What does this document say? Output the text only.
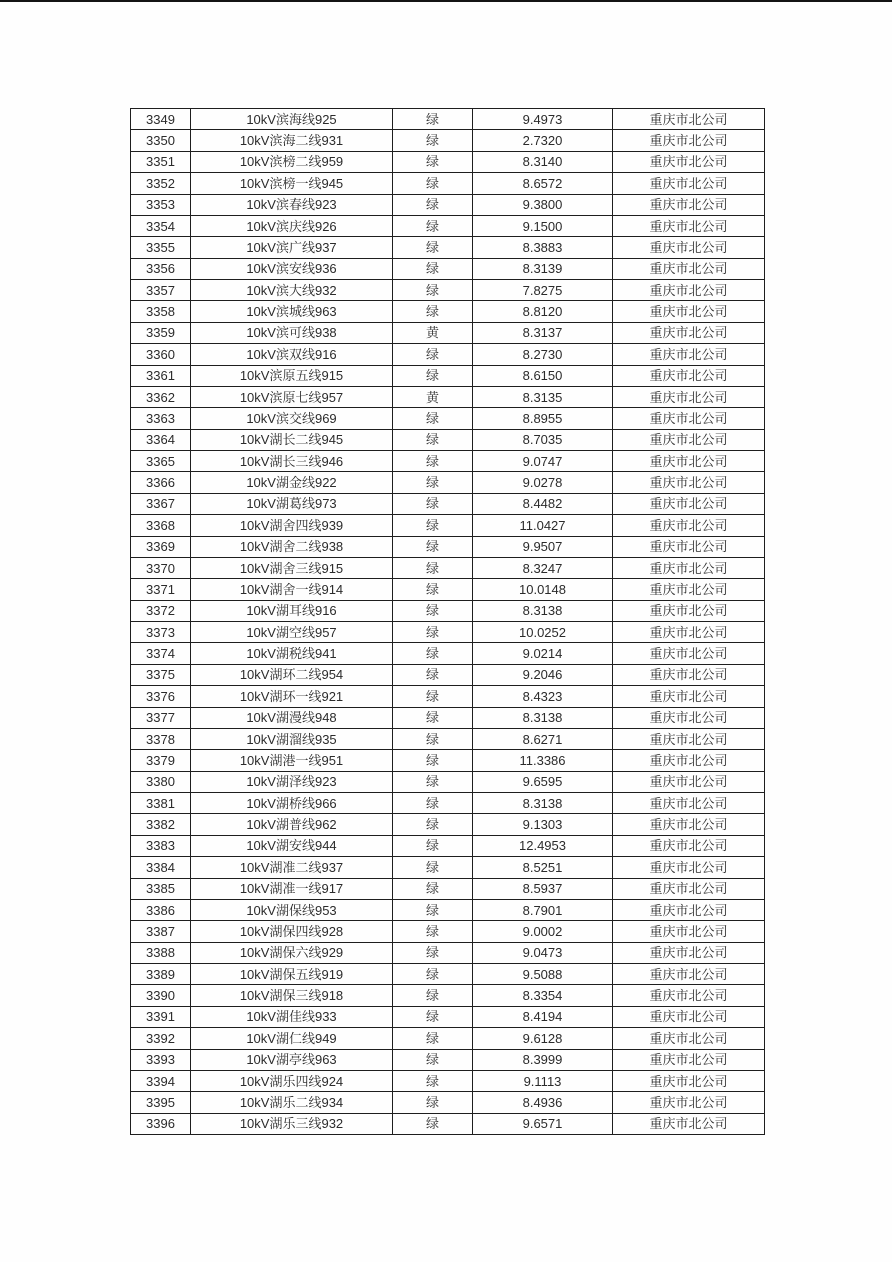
3349	10kV滨海线925	绿	9.4973	重庆市北公司
3350	10kV滨海二线931	绿	2.7320	重庆市北公司
3351	10kV滨榜二线959	绿	8.3140	重庆市北公司
3352	10kV滨榜一线945	绿	8.6572	重庆市北公司
3353	10kV滨春线923	绿	9.3800	重庆市北公司
3354	10kV滨庆线926	绿	9.1500	重庆市北公司
3355	10kV滨广线937	绿	8.3883	重庆市北公司
3356	10kV滨安线936	绿	8.3139	重庆市北公司
3357	10kV滨大线932	绿	7.8275	重庆市北公司
3358	10kV滨城线963	绿	8.8120	重庆市北公司
3359	10kV滨可线938	黄	8.3137	重庆市北公司
3360	10kV滨双线916	绿	8.2730	重庆市北公司
3361	10kV滨原五线915	绿	8.6150	重庆市北公司
3362	10kV滨原七线957	黄	8.3135	重庆市北公司
3363	10kV滨交线969	绿	8.8955	重庆市北公司
3364	10kV湖长二线945	绿	8.7035	重庆市北公司
3365	10kV湖长三线946	绿	9.0747	重庆市北公司
3366	10kV湖金线922	绿	9.0278	重庆市北公司
3367	10kV湖葛线973	绿	8.4482	重庆市北公司
3368	10kV湖舍四线939	绿	11.0427	重庆市北公司
3369	10kV湖舍二线938	绿	9.9507	重庆市北公司
3370	10kV湖舍三线915	绿	8.3247	重庆市北公司
3371	10kV湖舍一线914	绿	10.0148	重庆市北公司
3372	10kV湖耳线916	绿	8.3138	重庆市北公司
3373	10kV湖空线957	绿	10.0252	重庆市北公司
3374	10kV湖税线941	绿	9.0214	重庆市北公司
3375	10kV湖环二线954	绿	9.2046	重庆市北公司
3376	10kV湖环一线921	绿	8.4323	重庆市北公司
3377	10kV湖漫线948	绿	8.3138	重庆市北公司
3378	10kV湖溜线935	绿	8.6271	重庆市北公司
3379	10kV湖港一线951	绿	11.3386	重庆市北公司
3380	10kV湖泽线923	绿	9.6595	重庆市北公司
3381	10kV湖桥线966	绿	8.3138	重庆市北公司
3382	10kV湖普线962	绿	9.1303	重庆市北公司
3383	10kV湖安线944	绿	12.4953	重庆市北公司
3384	10kV湖准二线937	绿	8.5251	重庆市北公司
3385	10kV湖准一线917	绿	8.5937	重庆市北公司
3386	10kV湖保线953	绿	8.7901	重庆市北公司
3387	10kV湖保四线928	绿	9.0002	重庆市北公司
3388	10kV湖保六线929	绿	9.0473	重庆市北公司
3389	10kV湖保五线919	绿	9.5088	重庆市北公司
3390	10kV湖保三线918	绿	8.3354	重庆市北公司
3391	10kV湖佳线933	绿	8.4194	重庆市北公司
3392	10kV湖仁线949	绿	9.6128	重庆市北公司
3393	10kV湖亭线963	绿	8.3999	重庆市北公司
3394	10kV湖乐四线924	绿	9.1113	重庆市北公司
3395	10kV湖乐二线934	绿	8.4936	重庆市北公司
3396	10kV湖乐三线932	绿	9.6571	重庆市北公司
